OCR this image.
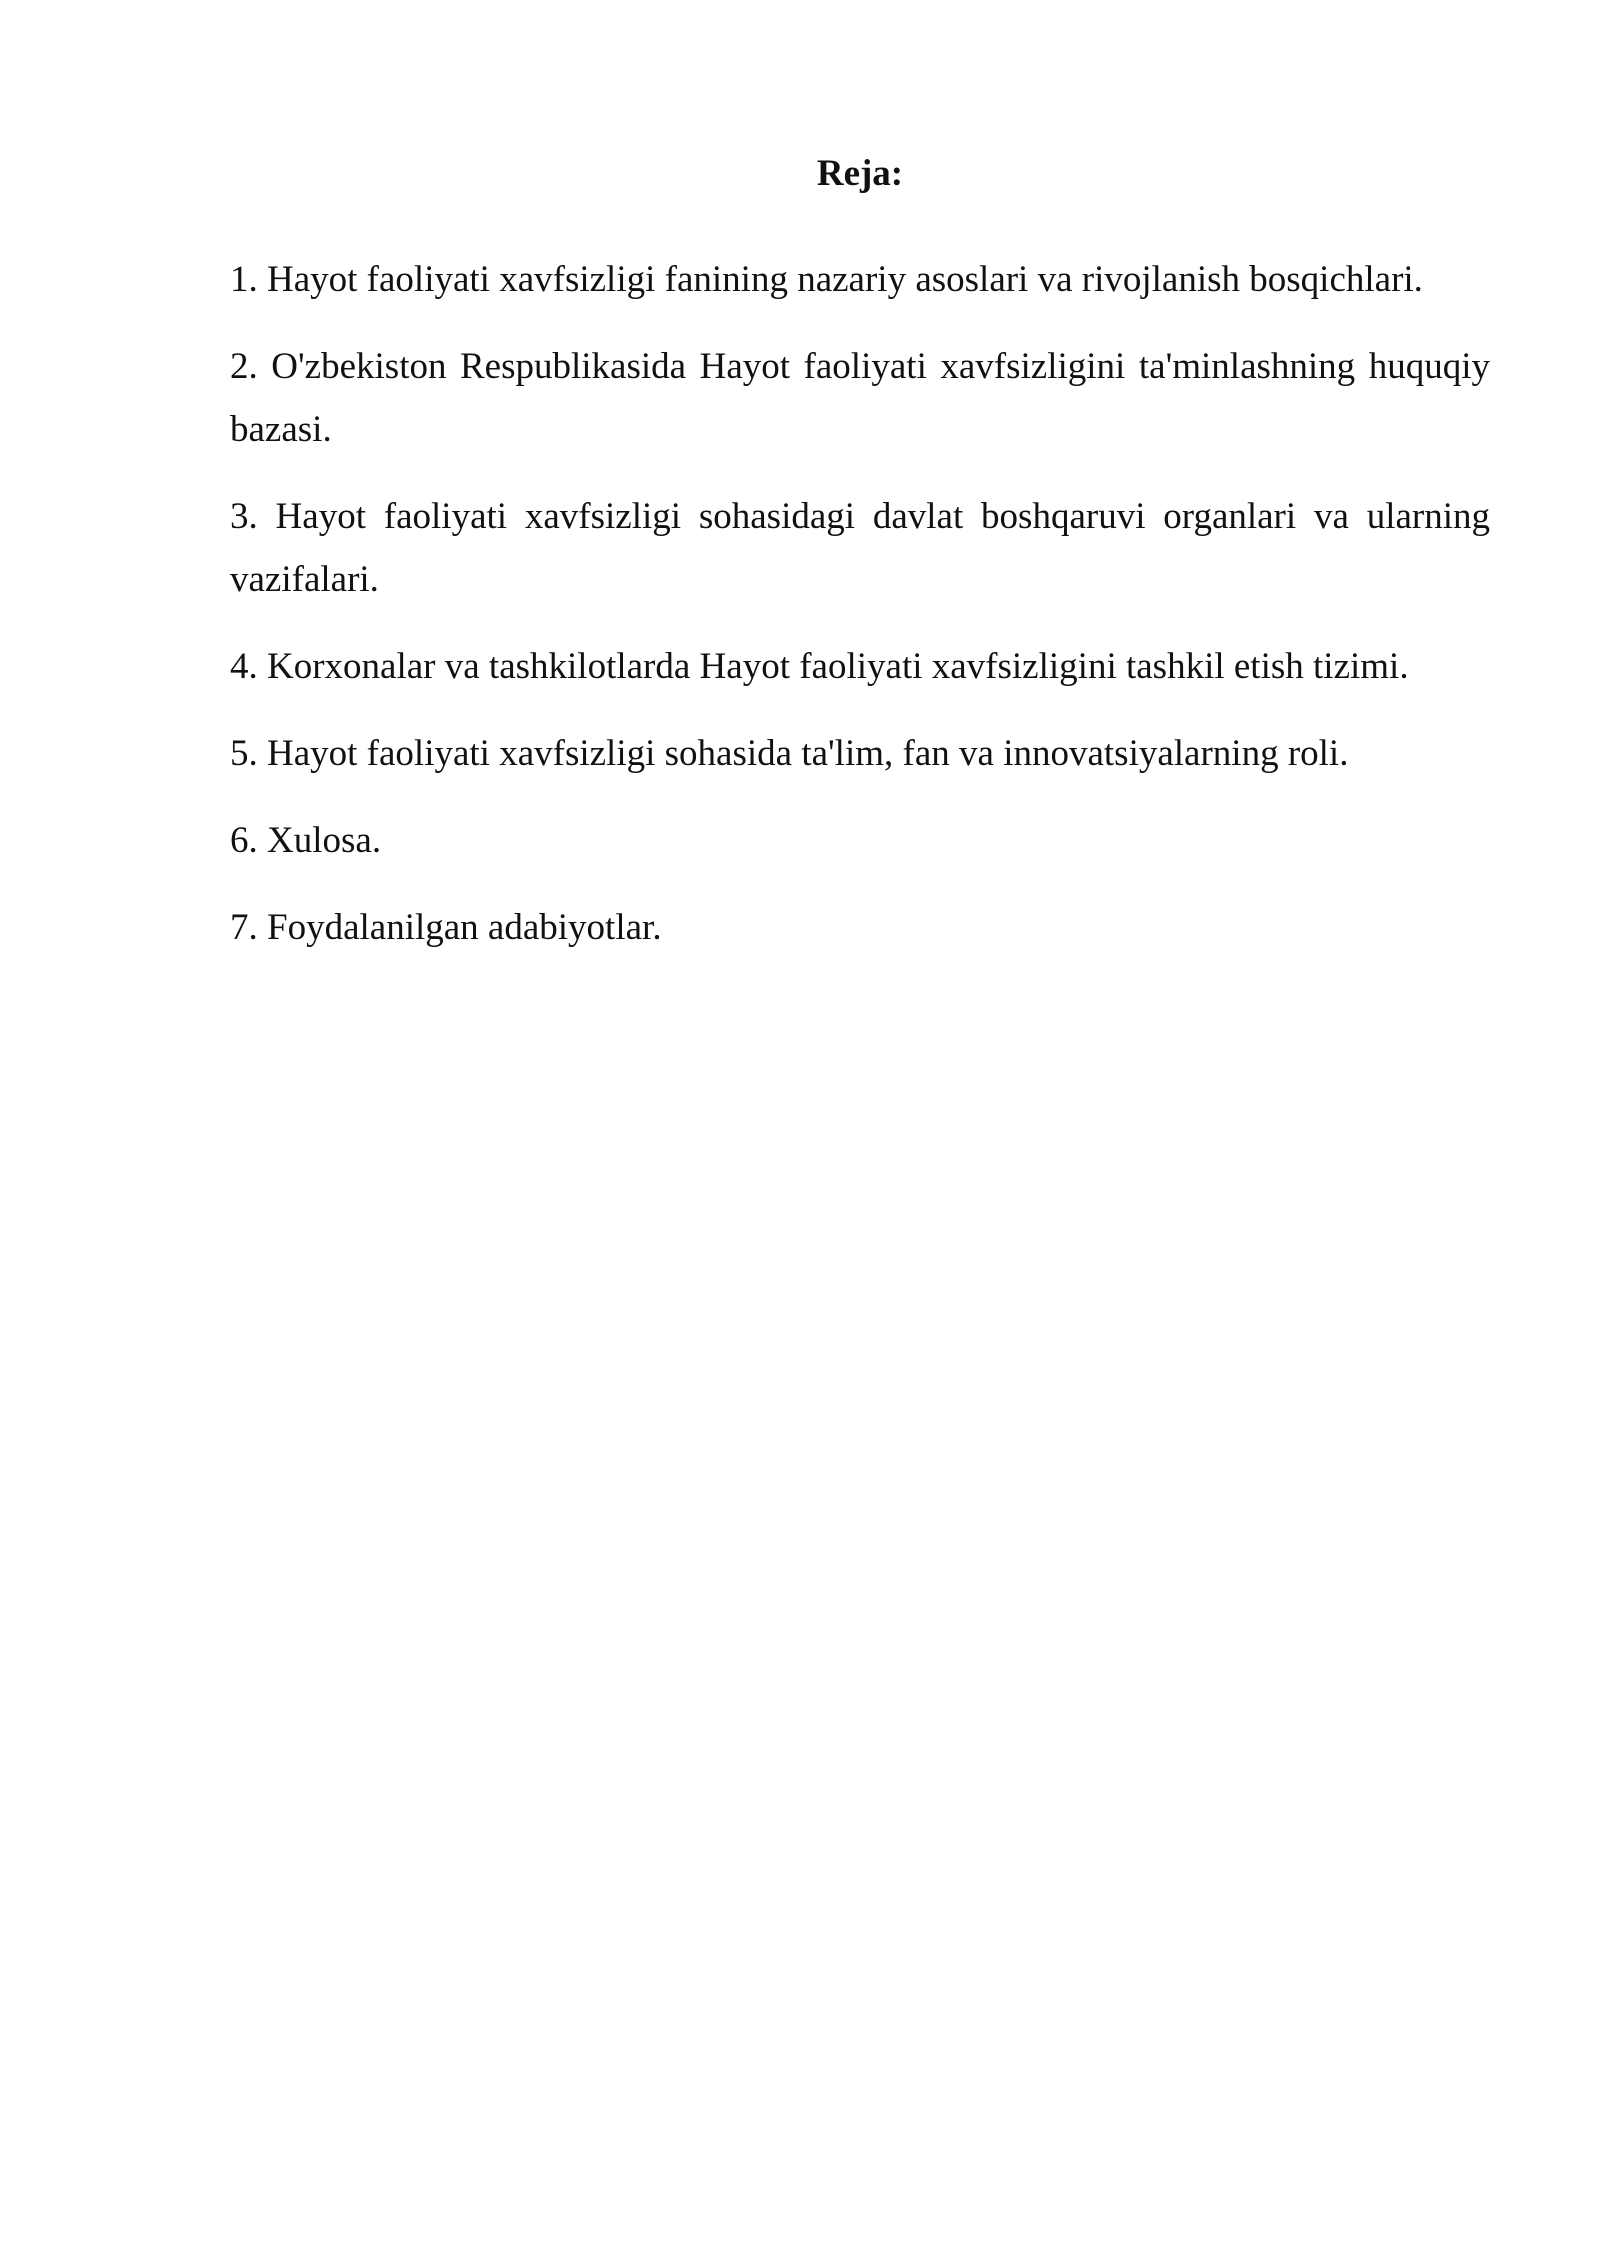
Reja:
1. Hayot faoliyati xavfsizligi fanining nazariy asoslari va rivojlanish bosqichlari.
2. O'zbekiston Respublikasida Hayot faoliyati xavfsizligini ta'minlashning huquqiy bazasi.
3. Hayot faoliyati xavfsizligi sohasidagi davlat boshqaruvi organlari va ularning vazifalari.
4. Korxonalar va tashkilotlarda Hayot faoliyati xavfsizligini tashkil etish tizimi.
5. Hayot faoliyati xavfsizligi sohasida ta'lim, fan va innovatsiyalarning roli.
6. Xulosa.
7. Foydalanilgan adabiyotlar.
